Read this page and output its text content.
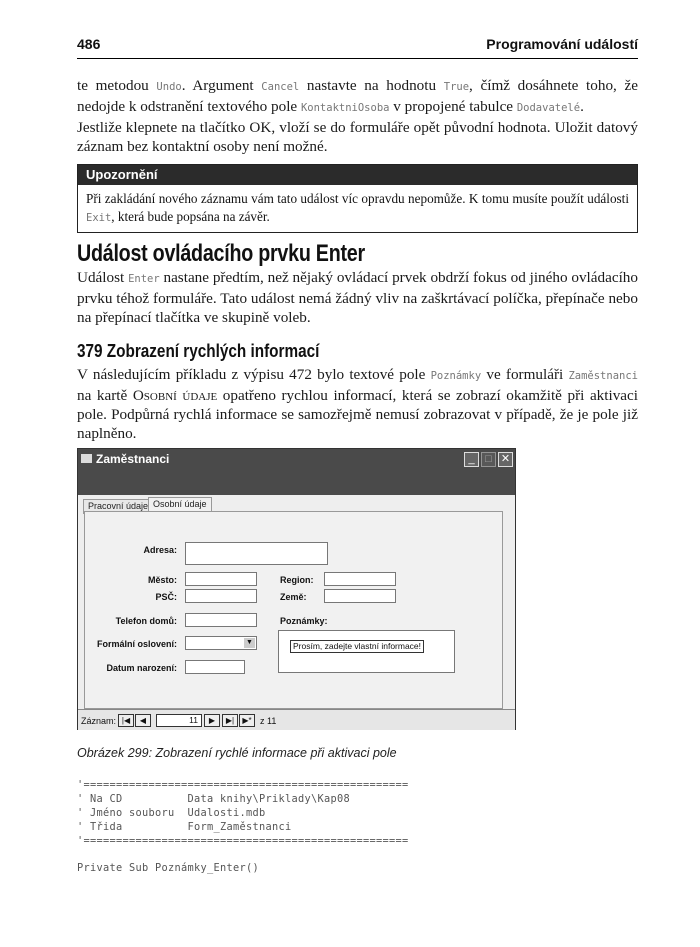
486	Programování událostí

te metodou Undo. Argument Cancel nastavte na hodnotu True, čímž dosáhnete toho, že nedojde k odstranění textového pole KontaktniOsoba v propojené tabulce Dodavatelé.

Jestliže klepnete na tlačítko OK, vloží se do formuláře opět původní hodnota. Uložit datový záznam bez kontaktní osoby není možné.

Upozornění
Při zakládání nového záznamu vám tato událost víc opravdu nepomůže. K tomu musíte použít události Exit, která bude popsána na závěr.
Událost ovládacího prvku Enter

Událost Enter nastane předtím, než nějaký ovládací prvek obdrží fokus od jiného ovládacího prvku téhož formuláře. Tato událost nemá žádný vliv na zaškrtávací políčka, přepínače nebo na přepínací tlačítka ve skupině voleb.

379 Zobrazení rychlých informací

V následujícím příkladu z výpisu 472 bylo textové pole Poznámky ve formuláři Zaměstnanci na kartě Osobní údaje opatřeno rychlou informací, která se zobrazí okamžitě při aktivaci pole. Podpůrná rychlá informace se samozřejmě nemusí zobrazovat v případě, že je pole již naplněno.

Zaměstnanci	_ □ ✕
Pracovní údaje Osobní údaje
Adresa:
Město:
PSČ:
Telefon domů:
Formální oslovení:	▼
Datum narození:
Region:
Země:
Poznámky:
Prosím, zadejte vlastní informace!
Záznam: |◀	◀	11	▶	▶|	▶* z 11
Obrázek 299: Zobrazení rychlé informace při aktivaci pole
'==================================================
' Na CD          Data knihy\Priklady\Kap08
' Jméno souboru  Udalosti.mdb
' Třida          Form_Zaměstnanci
'==================================================
Private Sub Poznámky_Enter()
